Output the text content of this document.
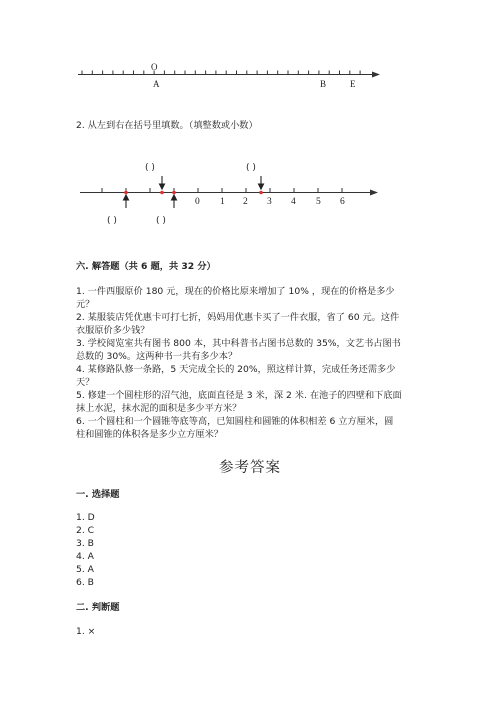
O
A	B	E
2. 从左到右在括号里填数。（填整数或小数）
( )	( )
( )	( )
0 1 2 3 4 5 6
六. 解答题（共 6 题，共 32 分）
1. 一件西服原价 180 元，现在的价格比原来增加了 10% ，现在的价格是多少
元？
2. 某服装店凭优惠卡可打七折，妈妈用优惠卡买了一件衣服，省了 60 元。这件
衣服原价多少钱？
3. 学校阅览室共有图书 800 本，其中科普书占图书总数的 35%，文艺书占图书
总数的 30%。这两种书一共有多少本？
4. 某修路队修一条路，5 天完成全长的 20%，照这样计算，完成任务还需多少
天？
5. 修建一个圆柱形的沼气池，底面直径是 3 米，深 2 米. 在池子的四壁和下底面
抹上水泥，抹水泥的面积是多少平方米？
6. 一个圆柱和一个圆锥等底等高，已知圆柱和圆锥的体积相差 6 立方厘米，圆
柱和圆锥的体积各是多少立方厘米？
参考答案
一. 选择题
1. D
2. C
3. B
4. A
5. A
6. B
二. 判断题
1. ×
